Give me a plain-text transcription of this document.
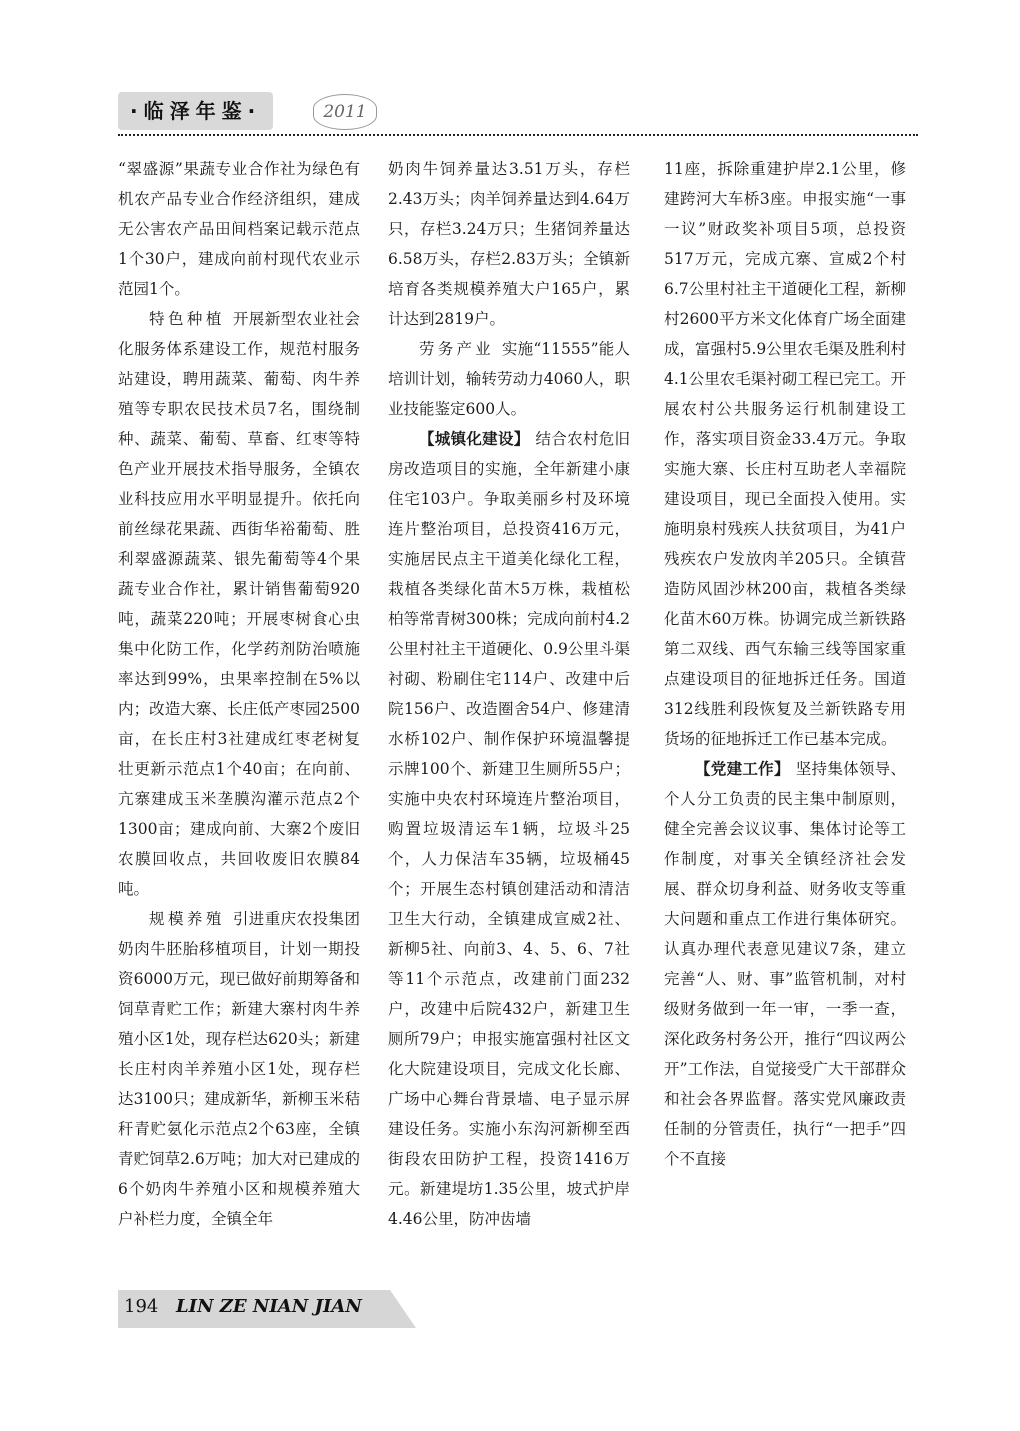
·临泽年鉴·	2011

“翠盛源”果蔬专业合作社为绿色有机农产品专业合作经济组织，建成无公害农产品田间档案记载示范点1个30户，建成向前村现代农业示范园1个。

特色种植 开展新型农业社会化服务体系建设工作，规范村服务站建设，聘用蔬菜、葡萄、肉牛养殖等专职农民技术员7名，围绕制种、蔬菜、葡萄、草畜、红枣等特色产业开展技术指导服务，全镇农业科技应用水平明显提升。依托向前丝绿花果蔬、西街华裕葡萄、胜利翠盛源蔬菜、银先葡萄等4个果蔬专业合作社，累计销售葡萄920吨，蔬菜220吨；开展枣树食心虫集中化防工作，化学药剂防治喷施率达到99%，虫果率控制在5%以内；改造大寨、长庄低产枣园2500亩，在长庄村3社建成红枣老树复壮更新示范点1个40亩；在向前、亢寨建成玉米垄膜沟灌示范点2个1300亩；建成向前、大寨2个废旧农膜回收点，共回收废旧农膜84吨。

规模养殖 引进重庆农投集团奶肉牛胚胎移植项目，计划一期投资6000万元，现已做好前期筹备和饲草青贮工作；新建大寨村肉牛养殖小区1处，现存栏达620头；新建长庄村肉羊养殖小区1处，现存栏达3100只；建成新华，新柳玉米秸秆青贮氨化示范点2个63座，全镇青贮饲草2.6万吨；加大对已建成的6个奶肉牛养殖小区和规模养殖大户补栏力度，全镇全年

奶肉牛饲养量达3.51万头，存栏2.43万头；肉羊饲养量达到4.64万只，存栏3.24万只；生猪饲养量达6.58万头，存栏2.83万头；全镇新培育各类规模养殖大户165户，累计达到2819户。

劳务产业 实施“11555”能人培训计划，输转劳动力4060人，职业技能鉴定600人。

【城镇化建设】 结合农村危旧房改造项目的实施，全年新建小康住宅103户。争取美丽乡村及环境连片整治项目，总投资416万元，实施居民点主干道美化绿化工程，栽植各类绿化苗木5万株，栽植松柏等常青树300株；完成向前村4.2公里村社主干道硬化、0.9公里斗渠衬砌、粉刷住宅114户、改建中后院156户、改造圈舍54户、修建清水桥102户、制作保护环境温馨提示牌100个、新建卫生厕所55户；实施中央农村环境连片整治项目，购置垃圾清运车1辆，垃圾斗25个，人力保洁车35辆，垃圾桶45个；开展生态村镇创建活动和清洁卫生大行动，全镇建成宣威2社、新柳5社、向前3、4、5、6、7社等11个示范点，改建前门面232户，改建中后院432户，新建卫生厕所79户；申报实施富强村社区文化大院建设项目，完成文化长廊、广场中心舞台背景墙、电子显示屏建设任务。实施小东沟河新柳至西街段农田防护工程，投资1416万元。新建堤坊1.35公里，坡式护岸4.46公里，防冲齿墙

11座，拆除重建护岸2.1公里，修建跨河大车桥3座。申报实施“一事一议”财政奖补项目5项，总投资517万元，完成亢寨、宣威2个村6.7公里村社主干道硬化工程，新柳村2600平方米文化体育广场全面建成，富强村5.9公里农毛渠及胜利村4.1公里农毛渠衬砌工程已完工。开展农村公共服务运行机制建设工作，落实项目资金33.4万元。争取实施大寨、长庄村互助老人幸福院建设项目，现已全面投入使用。实施明泉村残疾人扶贫项目，为41户残疾农户发放肉羊205只。全镇营造防风固沙林200亩，栽植各类绿化苗木60万株。协调完成兰新铁路第二双线、西气东输三线等国家重点建设项目的征地拆迁任务。国道312线胜利段恢复及兰新铁路专用货场的征地拆迁工作已基本完成。

【党建工作】 坚持集体领导、个人分工负责的民主集中制原则，健全完善会议议事、集体讨论等工作制度，对事关全镇经济社会发展、群众切身利益、财务收支等重大问题和重点工作进行集体研究。认真办理代表意见建议7条，建立完善“人、财、事”监管机制，对村级财务做到一年一审，一季一查，深化政务村务公开，推行“四议两公开”工作法，自觉接受广大干部群众和社会各界监督。落实党风廉政责任制的分管责任，执行“一把手”四个不直接

194 LIN ZE NIAN JIAN
